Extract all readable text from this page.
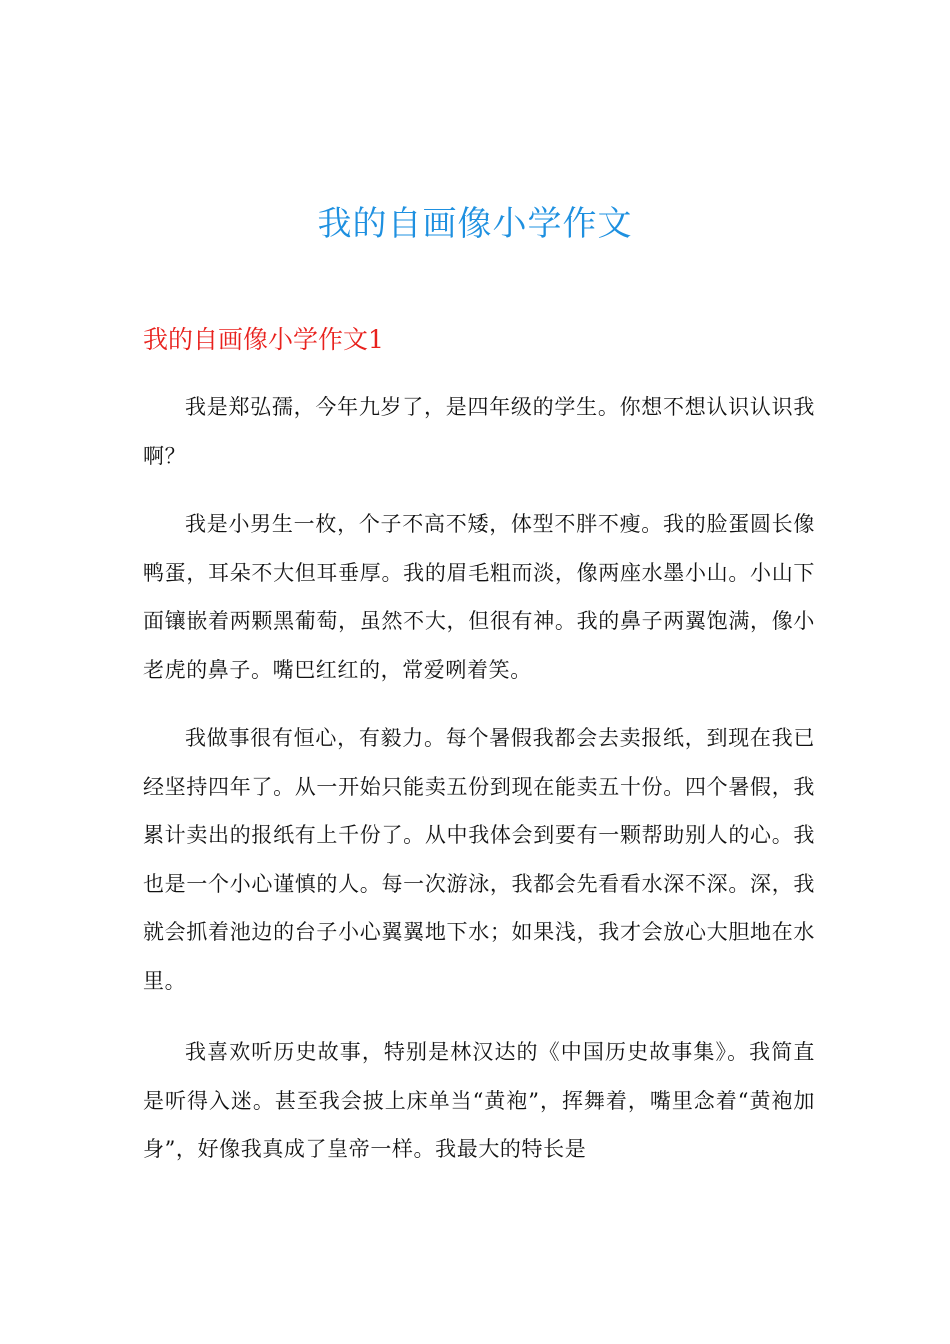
我的自画像小学作文
我的自画像小学作文1

我是郑弘孺，今年九岁了，是四年级的学生。你想不想认识认识我啊？

我是小男生一枚，个子不高不矮，体型不胖不瘦。我的脸蛋圆长像鸭蛋，耳朵不大但耳垂厚。我的眉毛粗而淡，像两座水墨小山。小山下面镶嵌着两颗黑葡萄，虽然不大，但很有神。我的鼻子两翼饱满，像小老虎的鼻子。嘴巴红红的，常爱咧着笑。

我做事很有恒心，有毅力。每个暑假我都会去卖报纸，到现在我已经坚持四年了。从一开始只能卖五份到现在能卖五十份。四个暑假，我累计卖出的报纸有上千份了。从中我体会到要有一颗帮助别人的心。我也是一个小心谨慎的人。每一次游泳，我都会先看看水深不深。深，我就会抓着池边的台子小心翼翼地下水；如果浅，我才会放心大胆地在水里。

我喜欢听历史故事，特别是林汉达的《中国历史故事集》。我简直是听得入迷。甚至我会披上床单当“黄袍”，挥舞着，嘴里念着“黄袍加身”，好像我真成了皇帝一样。我最大的特长是
